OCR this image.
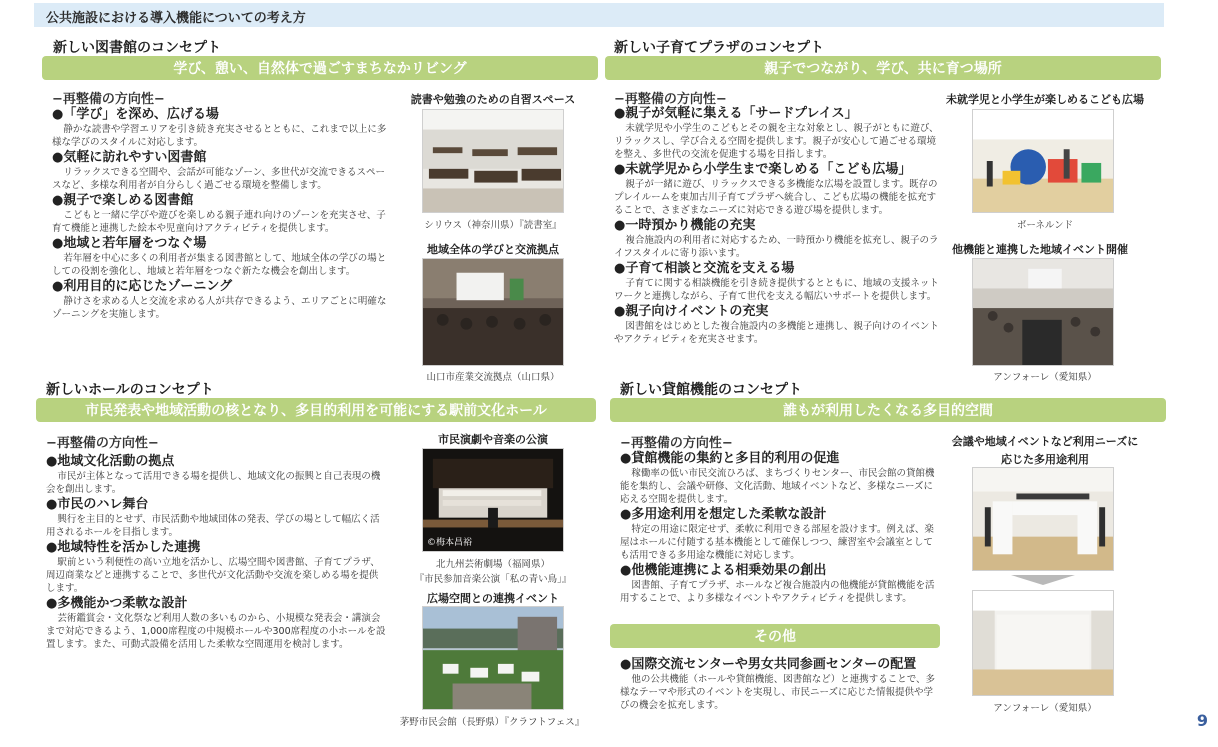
公共施設における導入機能についての考え方
新しい図書館のコンセプト
学び、憩い、自然体で過ごすまちなかリビング
−再整備の方向性−
●「学び」を深め、広げる場
静かな読書や学習エリアを引き続き充実させるとともに、これまで以上に多様な学びのスタイルに対応します。
●気軽に訪れやすい図書館
リラックスできる空間や、会話が可能なゾーン、多世代が交流できるスペースなど、多様な利用者が自分らしく過ごせる環境を整備します。
●親子で楽しめる図書館
こどもと一緒に学びや遊びを楽しめる親子連れ向けのゾーンを充実させ、子育て機能と連携した絵本や児童向けアクティビティを提供します。
●地域と若年層をつなぐ場
若年層を中心に多くの利用者が集まる図書館として、地域全体の学びの場としての役割を強化し、地域と若年層をつなぐ新たな機会を創出します。
●利用目的に応じたゾーニング
静けさを求める人と交流を求める人が共存できるよう、エリアごとに明確なゾーニングを実施します。
読書や勉強のための自習スペース
シリウス（神奈川県）『読書室』
地域全体の学びと交流拠点
山口市産業交流拠点（山口県）
新しい子育てプラザのコンセプト
親子でつながり、学び、共に育つ場所
−再整備の方向性−
●親子が気軽に集える「サードプレイス」
未就学児や小学生のこどもとその親を主な対象とし、親子がともに遊び、リラックスし、学び合える空間を提供します。親子が安心して過ごせる環境を整え、多世代の交流を促進する場を目指します。
●未就学児から小学生まで楽しめる「こども広場」
親子が一緒に遊び、リラックスできる多機能な広場を設置します。既存のプレイルームを東加古川子育てプラザへ統合し、こども広場の機能を拡充することで、さまざまなニーズに対応できる遊び場を提供します。
●一時預かり機能の充実
複合施設内の利用者に対応するため、一時預かり機能を拡充し、親子のライフスタイルに寄り添います。
●子育て相談と交流を支える場
子育てに関する相談機能を引き続き提供するとともに、地域の支援ネットワークと連携しながら、子育て世代を支える幅広いサポートを提供します。
●親子向けイベントの充実
図書館をはじめとした複合施設内の多機能と連携し、親子向けのイベントやアクティビティを充実させます。
未就学児と小学生が楽しめるこども広場
ボーネルンド
他機能と連携した地域イベント開催
アンフォーレ（愛知県）
新しいホールのコンセプト
市民発表や地域活動の核となり、多目的利用を可能にする駅前文化ホール
−再整備の方向性−
●地域文化活動の拠点
市民が主体となって活用できる場を提供し、地域文化の振興と自己表現の機会を創出します。
●市民のハレ舞台
興行を主目的とせず、市民活動や地域団体の発表、学びの場として幅広く活用されるホールを目指します。
●地域特性を活かした連携
駅前という利便性の高い立地を活かし、広場空間や図書館、子育てプラザ、周辺商業などと連携することで、多世代が文化活動や交流を楽しめる場を提供します。
●多機能かつ柔軟な設計
芸術鑑賞会・文化祭など利用人数の多いものから、小規模な発表会・講演会まで対応できるよう、1,000席程度の中規模ホールや300席程度の小ホールを設置します。また、可動式設備を活用した柔軟な空間運用を検討します。
市民演劇や音楽の公演
©梅本昌裕
北九州芸術劇場（福岡県）
『市民参加音楽公演「私の青い鳥」』
広場空間との連携イベント
茅野市民会館（長野県）『クラフトフェス』
新しい貸館機能のコンセプト
誰もが利用したくなる多目的空間
−再整備の方向性−
●貸館機能の集約と多目的利用の促進
稼働率の低い市民交流ひろば、まちづくりセンター、市民会館の貸館機能を集約し、会議や研修、文化活動、地域イベントなど、多様なニーズに応える空間を提供します。
●多用途利用を想定した柔軟な設計
特定の用途に限定せず、柔軟に利用できる部屋を設けます。例えば、楽屋はホールに付随する基本機能として確保しつつ、練習室や会議室としても活用できる多用途な機能に対応します。
●他機能連携による相乗効果の創出
図書館、子育てプラザ、ホールなど複合施設内の他機能が貸館機能を活用することで、より多様なイベントやアクティビティを提供します。
会議や地域イベントなど利用ニーズに
応じた多用途利用
アンフォーレ（愛知県）
その他
●国際交流センターや男女共同参画センターの配置
他の公共機能（ホールや貸館機能、図書館など）と連携することで、多様なテーマや形式のイベントを実現し、市民ニーズに応じた情報提供や学びの機会を拡充します。
9
